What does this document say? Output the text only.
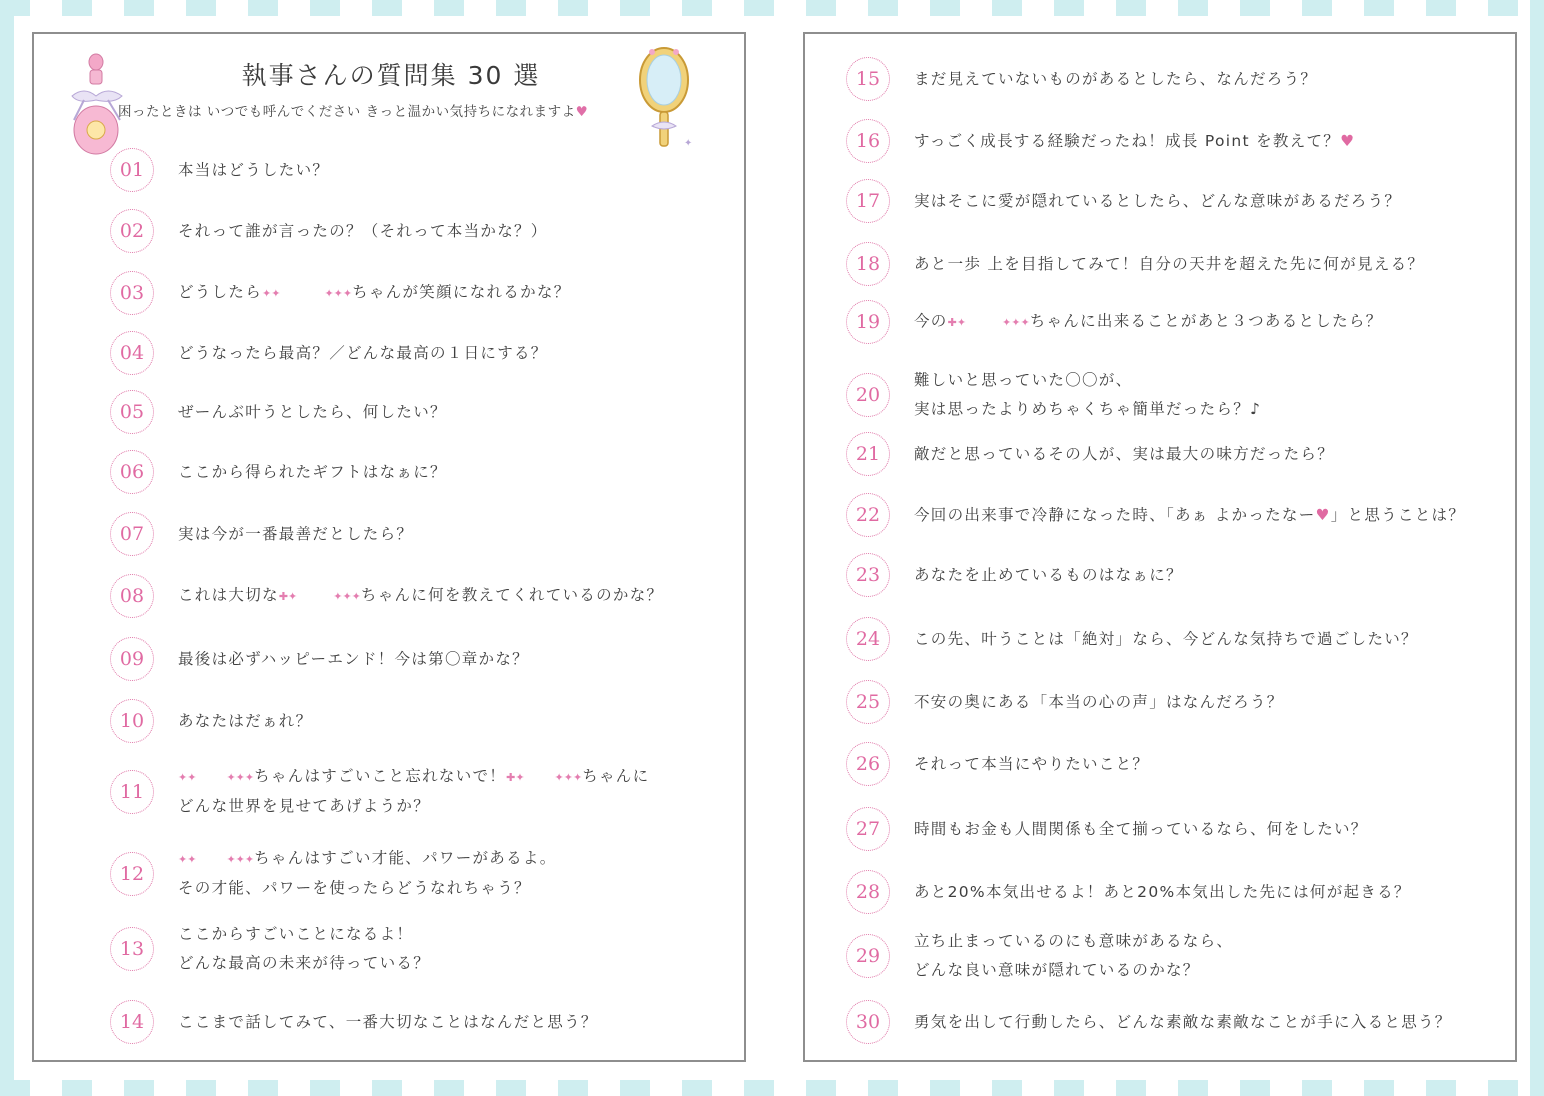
✦
執事さんの質問集 30 選
困ったときは いつでも呼んでください きっと温かい気持ちになれますよ♥
01	本当はどうしたい？
02	それって誰が言ったの？（それって本当かな？）
03	どうしたら✦✦	✦✦✦ちゃんが笑顔になれるかな？
04	どうなったら最高？／どんな最高の１日にする？
05	ぜーんぶ叶うとしたら、何したい？
06	ここから得られたギフトはなぁに？
07	実は今が一番最善だとしたら？
08	これは大切な✚✦	✦✦✦ちゃんに何を教えてくれているのかな？
09	最後は必ずハッピーエンド！今は第〇章かな？
10	あなたはだぁれ？
11
✦✦	✦✦✦ちゃんはすごいこと忘れないで！✚✦	✦✦✦ちゃんに
どんな世界を見せてあげようか？
12
✦✦	✦✦✦ちゃんはすごい才能、パワーがあるよ。
その才能、パワーを使ったらどうなれちゃう？
13
ここからすごいことになるよ！
どんな最高の未来が待っている？
14	ここまで話してみて、一番大切なことはなんだと思う？
15	まだ見えていないものがあるとしたら、なんだろう？
16	すっごく成長する経験だったね！成長 Point を教えて？♥
17	実はそこに愛が隠れているとしたら、どんな意味があるだろう？
18	あと一歩 上を目指してみて！自分の天井を超えた先に何が見える？
19	今の✚✦	✦✦✦ちゃんに出来ることがあと３つあるとしたら？
20
難しいと思っていた〇〇が、
実は思ったよりめちゃくちゃ簡単だったら？♪
21	敵だと思っているその人が、実は最大の味方だったら？
22	今回の出来事で冷静になった時、「あぁ よかったなー♥」と思うことは？
23	あなたを止めているものはなぁに？
24	この先、叶うことは「絶対」なら、今どんな気持ちで過ごしたい？
25	不安の奥にある「本当の心の声」はなんだろう？
26	それって本当にやりたいこと？
27	時間もお金も人間関係も全て揃っているなら、何をしたい？
28	あと20%本気出せるよ！あと20%本気出した先には何が起きる？
29
立ち止まっているのにも意味があるなら、
どんな良い意味が隠れているのかな？
30	勇気を出して行動したら、どんな素敵な素敵なことが手に入ると思う？
